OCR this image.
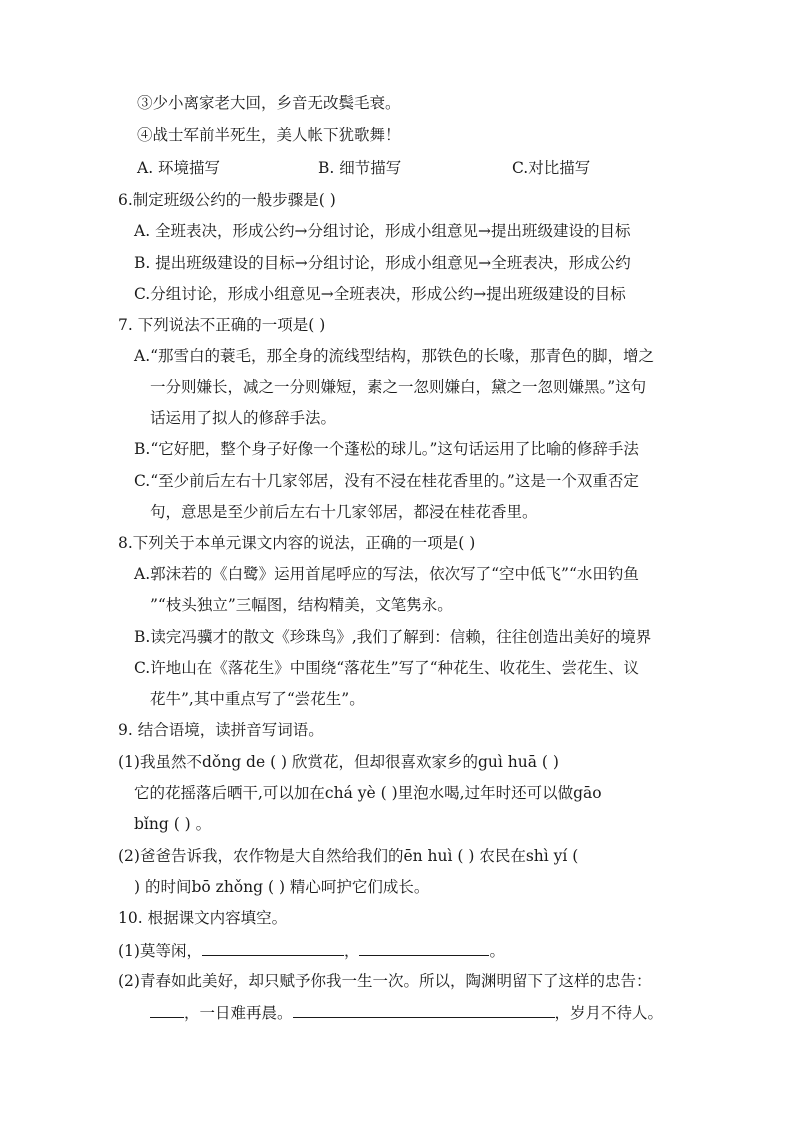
③少小离家老大回，乡音无改鬓毛衰。
④战士军前半死生，美人帐下犹歌舞！
A. 环境描写	B. 细节描写	C.对比描写
6.制定班级公约的一般步骤是( )
A. 全班表决，形成公约→分组讨论，形成小组意见→提出班级建设的目标
B. 提出班级建设的目标→分组讨论，形成小组意见→全班表决，形成公约
C.分组讨论，形成小组意见→全班表决，形成公约→提出班级建设的目标
7. 下列说法不正确的一项是( )
A.“那雪白的蓑毛，那全身的流线型结构，那铁色的长喙，那青色的脚，增之
一分则嫌长，减之一分则嫌短，素之一忽则嫌白，黛之一忽则嫌黑。”这句
话运用了拟人的修辞手法。
B.“它好肥，整个身子好像一个蓬松的球儿。”这句话运用了比喻的修辞手法
C.“至少前后左右十几家邻居，没有不浸在桂花香里的。”这是一个双重否定
句，意思是至少前后左右十几家邻居，都浸在桂花香里。
8.下列关于本单元课文内容的说法，正确的一项是( )
A.郭沫若的《白鹭》运用首尾呼应的写法，依次写了“空中低飞”“水田钓鱼
”“枝头独立”三幅图，结构精美，文笔隽永。
B.读完冯骥才的散文《珍珠鸟》,我们了解到：信赖，往往创造出美好的境界
C.许地山在《落花生》中围绕“落花生”写了“种花生、收花生、尝花生、议
花牛”,其中重点写了“尝花生”。
9. 结合语境，读拼音写词语。
(1)我虽然不dǒng de ( ) 欣赏花，但却很喜欢家乡的guì huā ( )
它的花摇落后晒干,可以加在chá yè ( )里泡水喝,过年时还可以做gāo
bǐng ( ) 。
(2)爸爸告诉我，农作物是大自然给我们的ēn huì ( ) 农民在shì yí (
) 的时间bō zhǒng ( ) 精心呵护它们成长。
10. 根据课文内容填空。
(1)莫等闲，	，	。
(2)青春如此美好，却只赋予你我一生一次。所以，陶渊明留下了这样的忠告：
，一日难再晨。	，岁月不待人。
